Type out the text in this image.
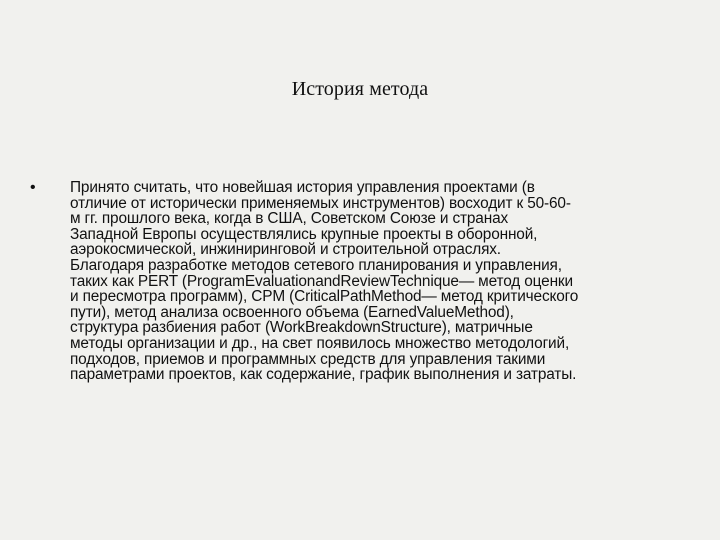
История метода
• Принято считать, что новейшая история управления проектами (в
отличие от исторически применяемых инструментов) восходит к 50-60-
м гг. прошлого века, когда в США, Советском Союзе и странах
Западной Европы осуществлялись крупные проекты в оборонной,
аэрокосмической, инжиниринговой и строительной отраслях.
Благодаря разработке методов сетевого планирования и управления,
таких как PERT (ProgramEvaluationandReviewTechnique— метод оценки
и пересмотра программ), CPM (CriticalPathMethod— метод критического
пути), метод анализа освоенного объема (EarnedValueMethod),
структура разбиения работ (WorkBreakdownStructure), матричные
методы организации и др., на свет появилось множество методологий,
подходов, приемов и программных средств для управления такими
параметрами проектов, как содержание, график выполнения и затраты.
